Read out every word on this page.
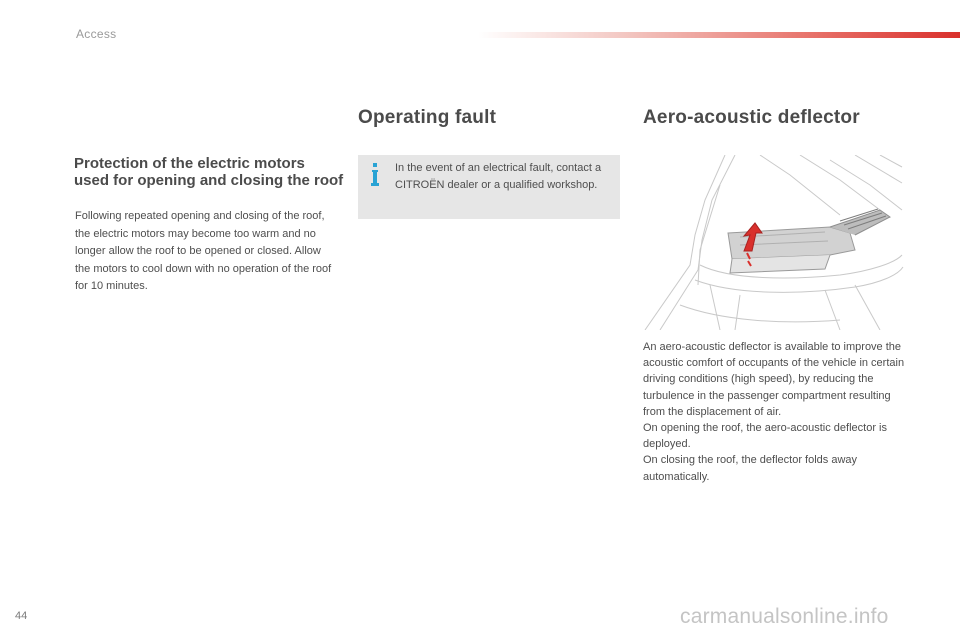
Access
Protection of the electric motors used for opening and closing the roof

Following repeated opening and closing of the roof, the electric motors may become too warm and no longer allow the roof to be opened or closed. Allow the motors to cool down with no operation of the roof for 10 minutes.

Operating fault

In the event of an electrical fault, contact a CITROËN dealer or a qualified workshop.

Aero-acoustic deflector

An aero-acoustic deflector is available to improve the acoustic comfort of occupants of the vehicle in certain driving conditions (high speed), by reducing the turbulence in the passenger compartment resulting from the displacement of air.

On opening the roof, the aero-acoustic deflector is deployed.

On closing the roof, the deflector folds away automatically.

44	carmanualsonline.info
